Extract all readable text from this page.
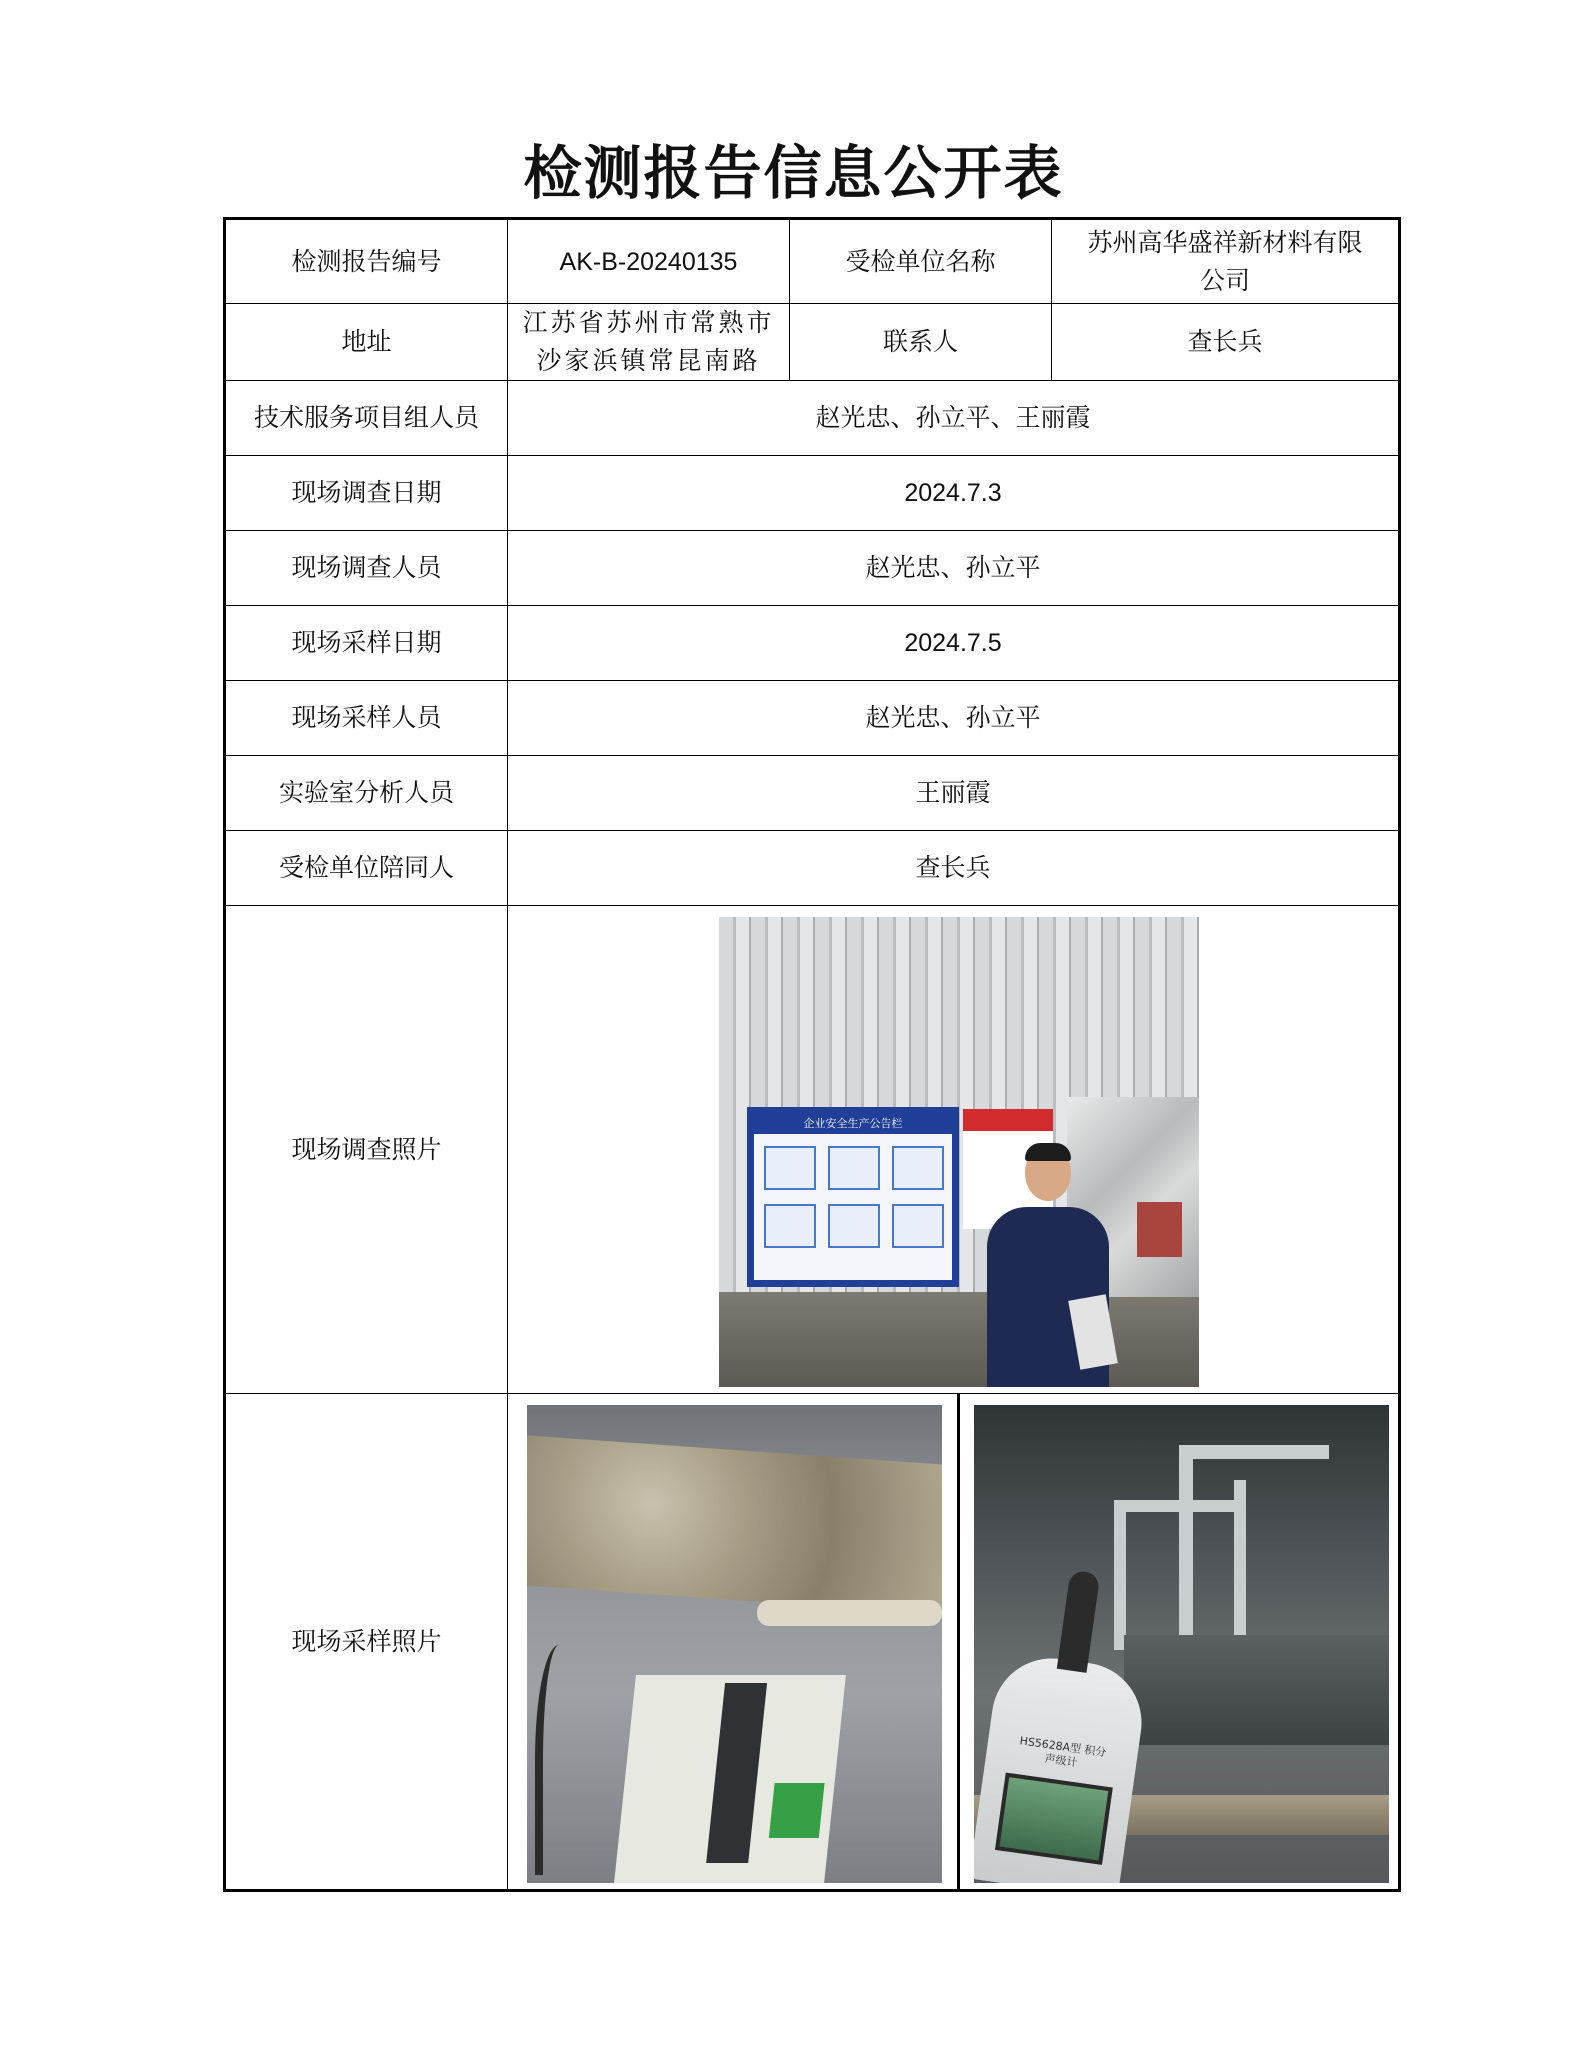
检测报告信息公开表
检测报告编号	AK-B-20240135	受检单位名称	苏州高华盛祥新材料有限
公司

地址	江苏省苏州市常熟市
沙家浜镇常昆南路	联系人	查长兵
技术服务项目组人员	赵光忠、孙立平、王丽霞		
现场调查日期	2024.7.3		
现场调查人员	赵光忠、孙立平		
现场采样日期	2024.7.5		
现场采样人员	赵光忠、孙立平		
实验室分析人员	王丽霞		
受检单位陪同人	查长兵		
现场调查照片	企业安全生产公告栏		

现场采样照片	HS5628A型 积分声级计		
